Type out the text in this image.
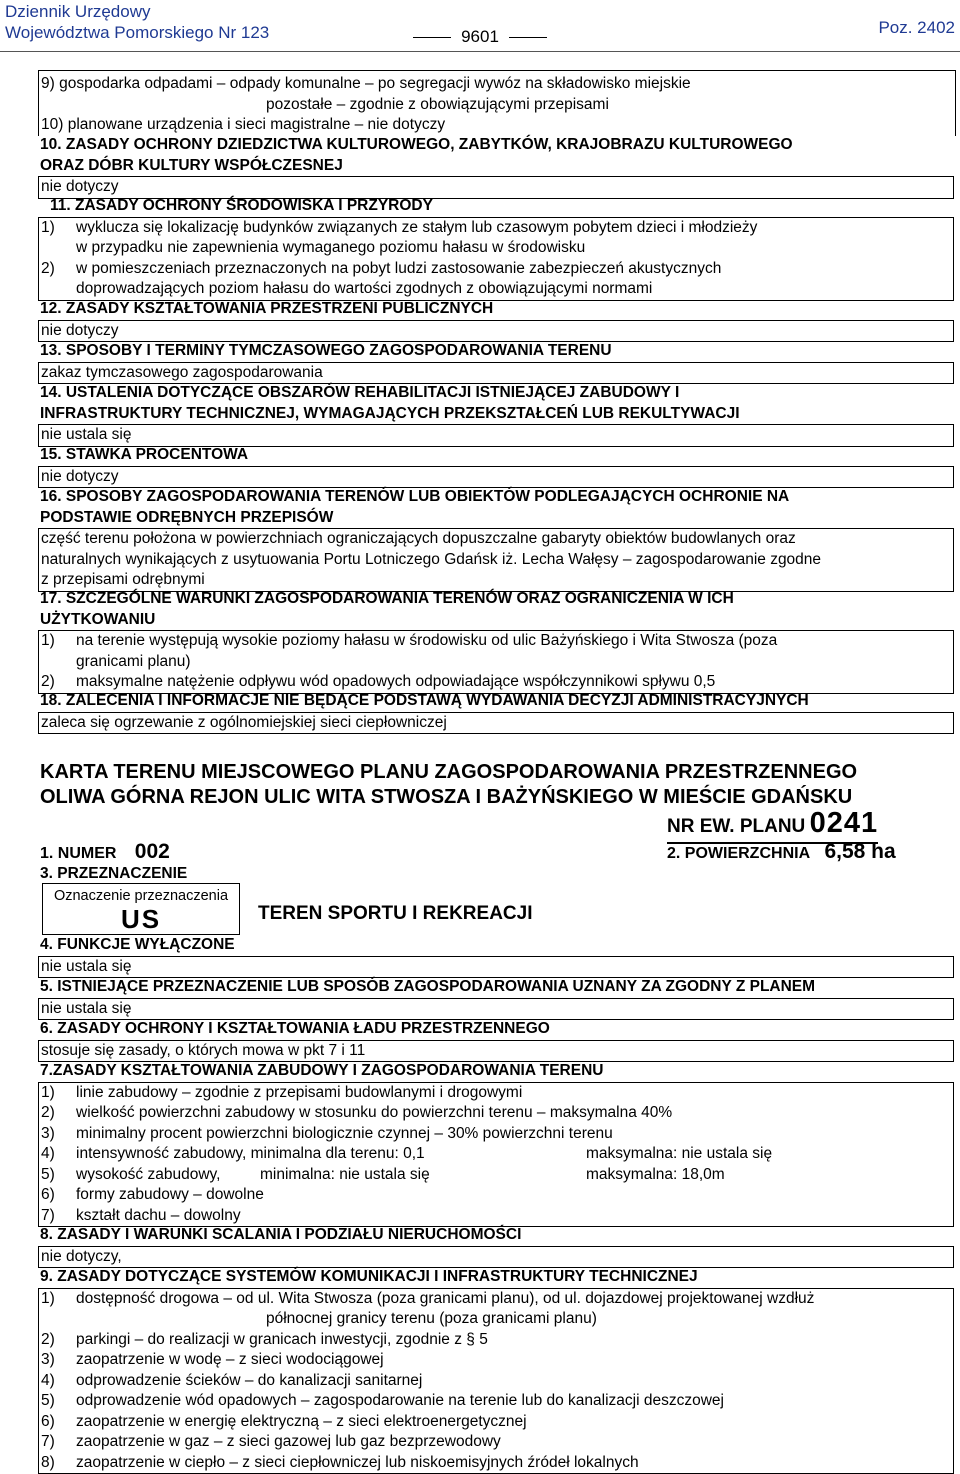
Dziennik Urzędowy
Województwa Pomorskiego Nr 123	9601	Poz. 2402
9) gospodarka odpadami – odpady komunalne – po segregacji wywóz na składowisko miejskie
pozostałe – zgodnie z obowiązującymi przepisami
10) planowane urządzenia i sieci magistralne – nie dotyczy
10. ZASADY OCHRONY DZIEDZICTWA KULTUROWEGO, ZABYTKÓW, KRAJOBRAZU KULTUROWEGO
ORAZ DÓBR KULTURY WSPÓŁCZESNEJ
nie dotyczy
11. ZASADY OCHRONY ŚRODOWISKA I PRZYRODY
1) wyklucza się lokalizację budynków związanych ze stałym lub czasowym pobytem dzieci i młodzieży
w przypadku nie zapewnienia wymaganego poziomu hałasu w środowisku
2) w pomieszczeniach przeznaczonych na pobyt ludzi zastosowanie zabezpieczeń akustycznych
doprowadzających poziom hałasu do wartości zgodnych z obowiązującymi normami
12. ZASADY KSZTAŁTOWANIA PRZESTRZENI PUBLICZNYCH
nie dotyczy
13. SPOSOBY I TERMINY TYMCZASOWEGO ZAGOSPODAROWANIA TERENU
zakaz tymczasowego zagospodarowania
14. USTALENIA DOTYCZĄCE OBSZARÓW REHABILITACJI ISTNIEJĄCEJ ZABUDOWY I
INFRASTRUKTURY TECHNICZNEJ, WYMAGAJĄCYCH PRZEKSZTAŁCEŃ LUB REKULTYWACJI
nie ustala się
15. STAWKA PROCENTOWA
nie dotyczy
16. SPOSOBY ZAGOSPODAROWANIA TERENÓW LUB OBIEKTÓW PODLEGAJĄCYCH OCHRONIE NA
PODSTAWIE ODRĘBNYCH PRZEPISÓW
część terenu położona w powierzchniach ograniczających dopuszczalne gabaryty obiektów budowlanych oraz
naturalnych wynikających z usytuowania Portu Lotniczego Gdańsk iż. Lecha Wałęsy – zagospodarowanie zgodne
z przepisami odrębnymi
17. SZCZEGÓLNE WARUNKI ZAGOSPODAROWANIA TERENÓW ORAZ OGRANICZENIA W ICH
UŻYTKOWANIU
1) na terenie występują wysokie poziomy hałasu w środowisku od ulic Bażyńskiego i Wita Stwosza (poza
granicami planu)
2) maksymalne natężenie odpływu wód opadowych odpowiadające współczynnikowi spływu 0,5
18. ZALECENIA I INFORMACJE NIE BĘDĄCE PODSTAWĄ WYDAWANIA DECYZJI ADMINISTRACYJNYCH
zaleca się ogrzewanie z ogólnomiejskiej sieci ciepłowniczej
KARTA TERENU MIEJSCOWEGO PLANU ZAGOSPODAROWANIA PRZESTRZENNEGO
OLIWA GÓRNA REJON ULIC WITA STWOSZA I BAŻYŃSKIEGO W MIEŚCIE GDAŃSKU
NR EW. PLANU 0241
1. NUMER 002	2. POWIERZCHNIA 6,58 ha
3. PRZEZNACZENIE
Oznaczenie przeznaczenia
US	TEREN SPORTU I REKREACJI
4. FUNKCJE WYŁĄCZONE
nie ustala się
5. ISTNIEJĄCE PRZEZNACZENIE LUB SPOSÓB ZAGOSPODAROWANIA UZNANY ZA ZGODNY Z PLANEM
nie ustala się
6. ZASADY OCHRONY I KSZTAŁTOWANIA ŁADU PRZESTRZENNEGO
stosuje się zasady, o których mowa w pkt 7 i 11
7.ZASADY KSZTAŁTOWANIA ZABUDOWY I ZAGOSPODAROWANIA TERENU
1) linie zabudowy – zgodnie z przepisami budowlanymi i drogowymi
2) wielkość powierzchni zabudowy w stosunku do powierzchni terenu – maksymalna 40%
3) minimalny procent powierzchni biologicznie czynnej – 30% powierzchni terenu
4) intensywność zabudowy, minimalna dla terenu: 0,1	maksymalna: nie ustala się
5) wysokość zabudowy,	minimalna: nie ustala się	maksymalna: 18,0m
6) formy zabudowy – dowolne
7) kształt dachu – dowolny
8. ZASADY I WARUNKI SCALANIA I PODZIAŁU NIERUCHOMOŚCI
nie dotyczy,
9. ZASADY DOTYCZĄCE SYSTEMÓW KOMUNIKACJI I INFRASTRUKTURY TECHNICZNEJ
1) dostępność drogowa – od ul. Wita Stwosza (poza granicami planu), od ul. dojazdowej projektowanej wzdłuż
północnej granicy terenu (poza granicami planu)
2) parkingi – do realizacji w granicach inwestycji, zgodnie z § 5
3) zaopatrzenie w wodę – z sieci wodociągowej
4) odprowadzenie ścieków – do kanalizacji sanitarnej
5) odprowadzenie wód opadowych – zagospodarowanie na terenie lub do kanalizacji deszczowej
6) zaopatrzenie w energię elektryczną – z sieci elektroenergetycznej
7) zaopatrzenie w gaz – z sieci gazowej lub gaz bezprzewodowy
8) zaopatrzenie w ciepło – z sieci ciepłowniczej lub niskoemisyjnych źródeł lokalnych
